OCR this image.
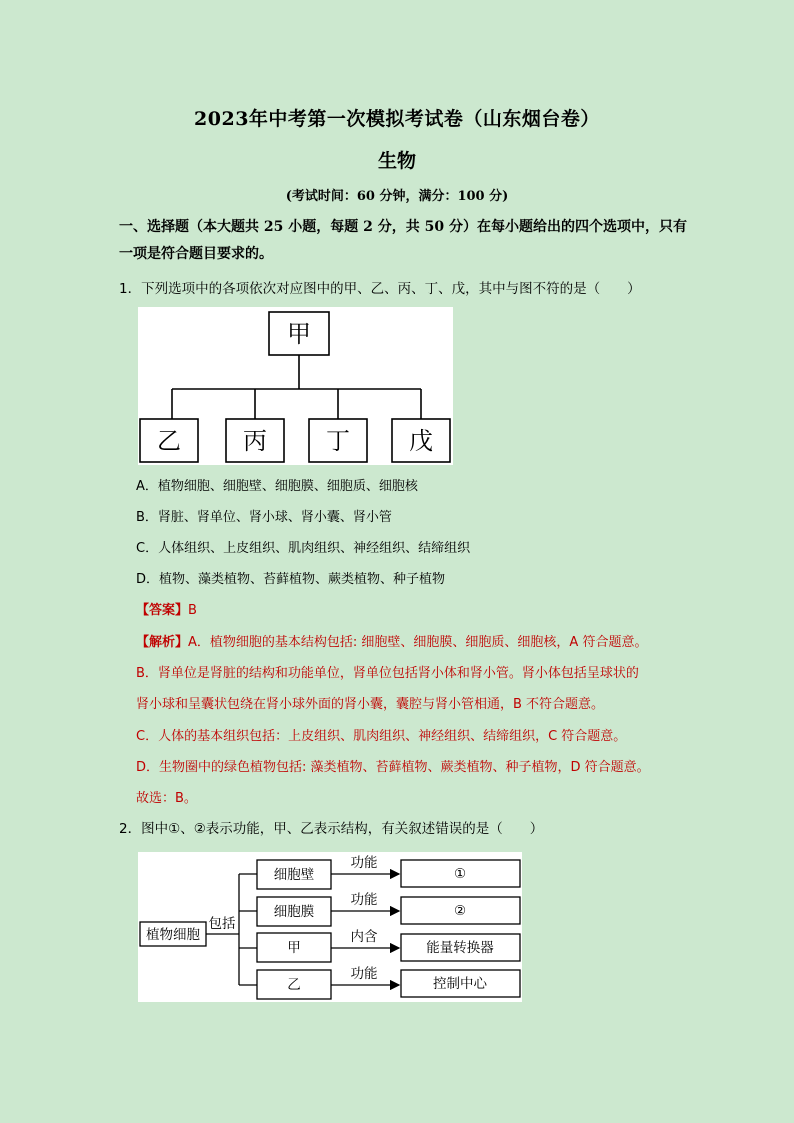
2023年中考第一次模拟考试卷（山东烟台卷）
生物
(考试时间：60 分钟，满分：100 分)
一、选择题（本大题共 25 小题，每题 2 分，共 50 分）在每小题给出的四个选项中，只有
一项是符合题目要求的。
1．下列选项中的各项依次对应图中的甲、乙、丙、丁、戊，其中与图不符的是（　　）
甲
乙	丙 丁 戊
A．植物细胞、细胞壁、细胞膜、细胞质、细胞核
B．肾脏、肾单位、肾小球、肾小囊、肾小管
C．人体组织、上皮组织、肌肉组织、神经组织、结缔组织
D．植物、藻类植物、苔藓植物、蕨类植物、种子植物
【答案】B
【解析】A．植物细胞的基本结构包括: 细胞壁、细胞膜、细胞质、细胞核，A 符合题意。
B．肾单位是肾脏的结构和功能单位，肾单位包括肾小体和肾小管。肾小体包括呈球状的
肾小球和呈囊状包绕在肾小球外面的肾小囊，囊腔与肾小管相通，B 不符合题意。
C．人体的基本组织包括：上皮组织、肌肉组织、神经组织、结缔组织，C 符合题意。
D．生物圈中的绿色植物包括: 藻类植物、苔藓植物、蕨类植物、种子植物，D 符合题意。
故选：B。
2．图中①、②表示功能，甲、乙表示结构，有关叙述错误的是（　　）
植物细胞
包括
细胞壁
细胞膜
甲
乙
功能
功能
内含
功能
①
②
能量转换器
控制中心
